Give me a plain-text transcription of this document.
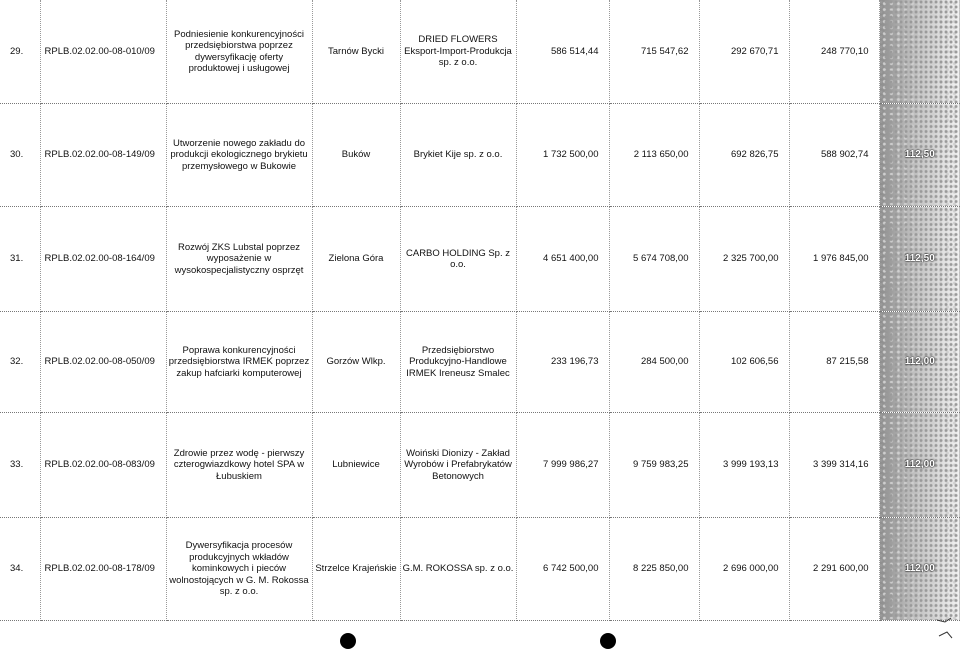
29.	RPLB.02.02.00-08-010/09	Podniesienie konkurencyjności przedsiębiorstwa poprzez dywersyfikację oferty produktowej i usługowej	Tarnów Bycki	DRIED FLOWERS Eksport-Import-Produkcja sp. z o.o.	586 514,44	715 547,62	292 670,71	248 770,10	
30.	RPLB.02.02.00-08-149/09	Utworzenie nowego zakładu do produkcji ekologicznego brykietu przemysłowego w Bukowie	Buków	Brykiet Kije sp. z o.o.	1 732 500,00	2 113 650,00	692 826,75	588 902,74	112,50
31.	RPLB.02.02.00-08-164/09	Rozwój ZKS Lubstal poprzez wyposażenie w wysokospecjalistyczny osprzęt	Zielona Góra	CARBO HOLDING Sp. z o.o.	4 651 400,00	5 674 708,00	2 325 700,00	1 976 845,00	112,50
32.	RPLB.02.02.00-08-050/09	Poprawa konkurencyjności przedsiębiorstwa IRMEK poprzez zakup hafciarki komputerowej	Gorzów Wlkp.	Przedsiębiorstwo Produkcyjno-Handlowe IRMEK Ireneusz Smalec	233 196,73	284 500,00	102 606,56	87 215,58	112,00
33.	RPLB.02.02.00-08-083/09	Zdrowie przez wodę - pierwszy czterogwiazdkowy hotel SPA w Łubuskiem	Lubniewice	Woiński Dionizy - Zakład Wyrobów i Prefabrykatów Betonowych	7 999 986,27	9 759 983,25	3 999 193,13	3 399 314,16	112,00
34.	RPLB.02.02.00-08-178/09	Dywersyfikacja procesów produkcyjnych wkładów kominkowych i pieców wolnostojących w G. M. Rokossa sp. z o.o.	Strzelce Krajeńskie	G.M. ROKOSSA sp. z o.o.	6 742 500,00	8 225 850,00	2 696 000,00	2 291 600,00	112,00
